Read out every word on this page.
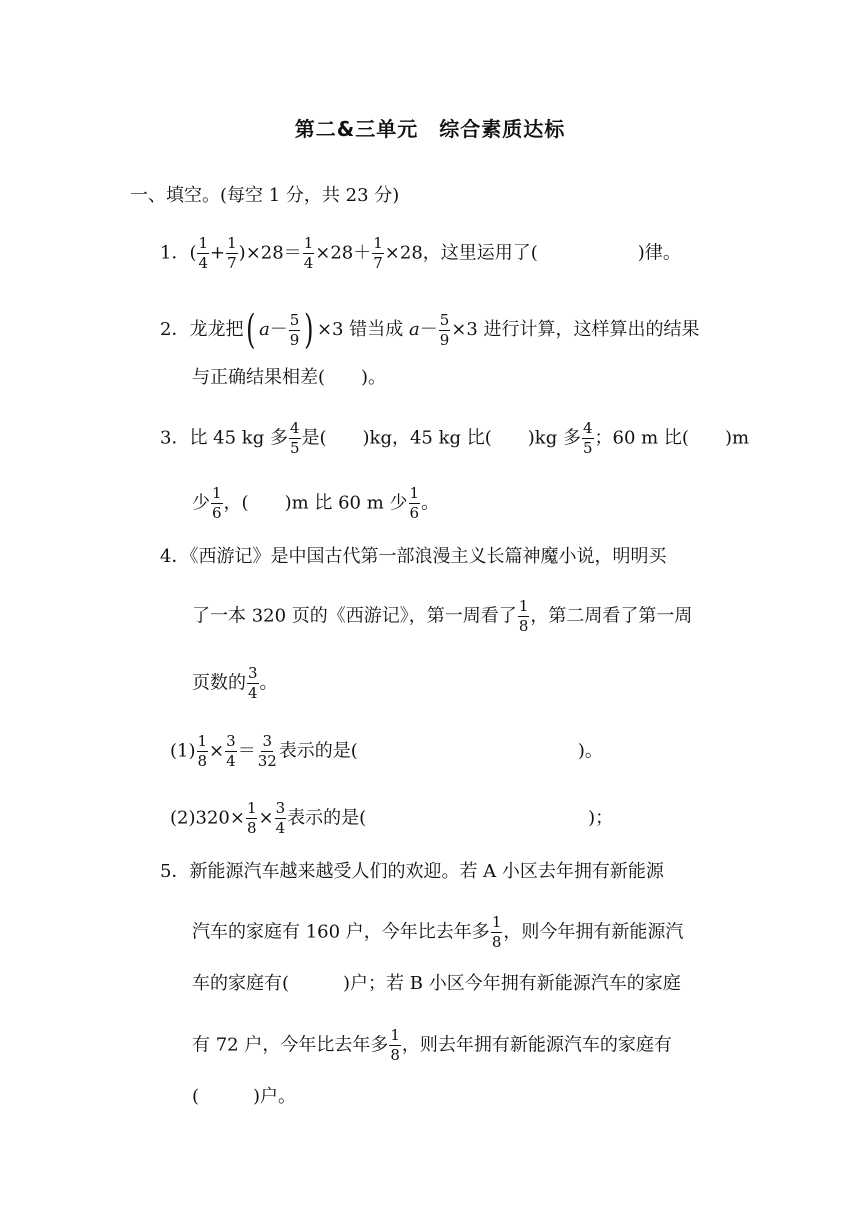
第二&三单元　综合素质达标
一、填空。(每空 1 分，共 23 分)
1．( $\frac{1}{4} + \frac{1}{7} )\times 28= \frac{1}{4} \times 28+ \frac{1}{7} \times 28$，这里运用了(	)律。
2．龙龙把( $a- \frac{5}{9}$ ) ×3 错当成 $a- \frac{5}{9} \times 3$ 进行计算，这样算出的结果
与正确结果相差(　　)。
3．比 45 kg 多 $\frac{4}{5}$ 是(　　)kg，45 kg 比(　　)kg 多 $\frac{4}{5}$ ；60 m 比(　　)m
少 $\frac{1}{6}$ ，(　　)m 比 60 m 少 $\frac{1}{6}$ 。
4．《西游记》是中国古代第一部浪漫主义长篇神魔小说，明明买
了一本 320 页的《西游记》，第一周看了 $\frac{1}{8}$ ，第二周看了第一周
页数的 $\frac{3}{4}$ 。
$(1) \frac{1}{8} \times \frac{3}{4} = \frac{3}{32}$ 表示的是(	)。
$(2)320\times \frac{1}{8} \times \frac{3}{4}$ 表示的是(	)；
5．新能源汽车越来越受人们的欢迎。若 A 小区去年拥有新能源
汽车的家庭有 160 户，今年比去年多 $\frac{1}{8}$ ，则今年拥有新能源汽
车的家庭有(　　　)户；若 B 小区今年拥有新能源汽车的家庭
有 72 户，今年比去年多 $\frac{1}{8}$ ，则去年拥有新能源汽车的家庭有
(　　　)户。
